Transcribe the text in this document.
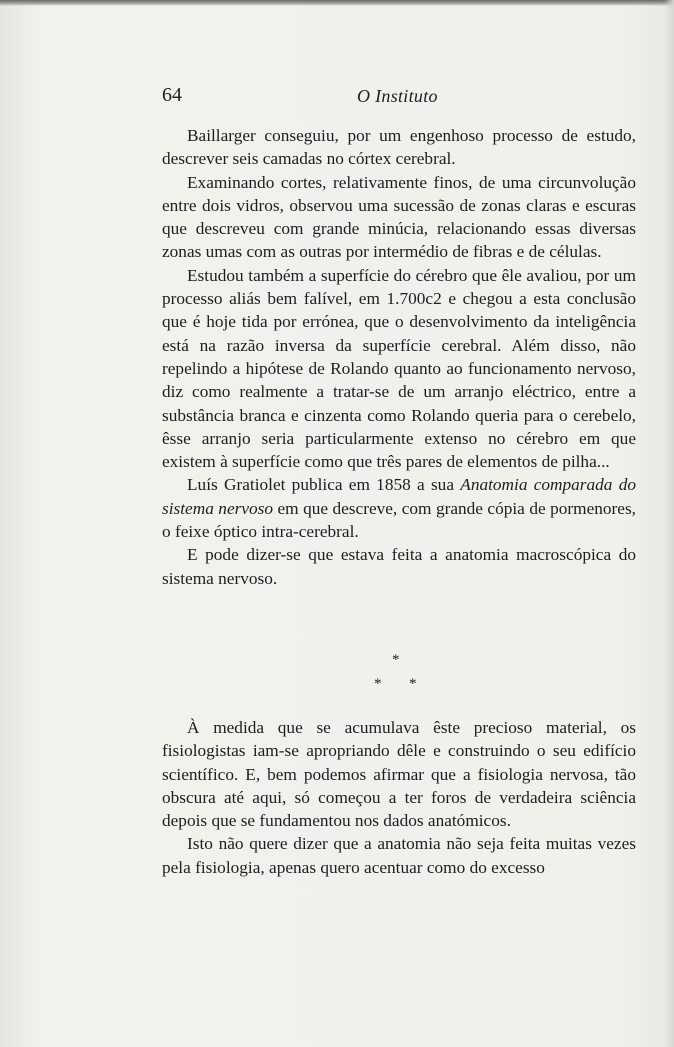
64	O Instituto

Baillarger conseguiu, por um engenhoso processo de estudo, descrever seis camadas no córtex cerebral.

Examinando cortes, relativamente finos, de uma circunvolução entre dois vidros, observou uma sucessão de zonas claras e escuras que descreveu com grande minúcia, relacionando essas diversas zonas umas com as outras por intermédio de fibras e de células.

Estudou também a superfície do cérebro que êle avaliou, por um processo aliás bem falível, em 1.700c2 e chegou a esta conclusão que é hoje tida por errónea, que o desenvolvimento da inteligência está na razão inversa da superfície cerebral. Além disso, não repelindo a hipótese de Rolando quanto ao funcionamento nervoso, diz como realmente a tratar-se de um arranjo eléctrico, entre a substância branca e cinzenta como Rolando queria para o cerebelo, êsse arranjo seria particularmente extenso no cérebro em que existem à superfície como que três pares de elementos de pilha...

Luís Gratiolet publica em 1858 a sua Anatomia comparada do sistema nervoso em que descreve, com grande cópia de pormenores, o feixe óptico intra-cerebral.

E pode dizer-se que estava feita a anatomia macroscópica do sistema nervoso.

*
* *

À medida que se acumulava êste precioso material, os fisiologistas iam-se apropriando dêle e construindo o seu edifício scientífico. E, bem podemos afirmar que a fisiologia nervosa, tão obscura até aqui, só começou a ter foros de verdadeira sciência depois que se fundamentou nos dados anatómicos.

Isto não quere dizer que a anatomia não seja feita muitas vezes pela fisiologia, apenas quero acentuar como do excesso
